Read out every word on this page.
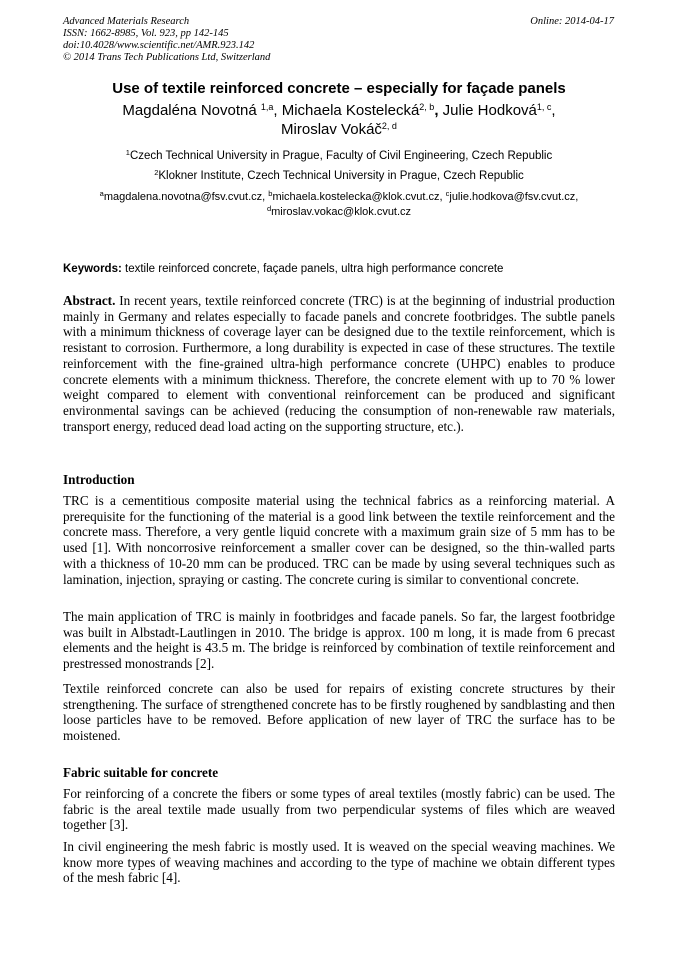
Advanced Materials Research
ISSN: 1662-8985, Vol. 923, pp 142-145
doi:10.4028/www.scientific.net/AMR.923.142
© 2014 Trans Tech Publications Ltd, Switzerland
Online: 2014-04-17
Use of textile reinforced concrete – especially for façade panels
Magdaléna Novotná $^{1,a}$, Michaela Kostelecká$^{2, b}$, Julie Hodková$^{1, c}$,
Miroslav Vokáč$^{2, d}$
$^1$Czech Technical University in Prague, Faculty of Civil Engineering, Czech Republic
$^2$Klokner Institute, Czech Technical University in Prague, Czech Republic
$^a$magdalena.novotna@fsv.cvut.cz, $^b$michaela.kostelecka@klok.cvut.cz, $^c$julie.hodkova@fsv.cvut.cz,
$^d$miroslav.vokac@klok.cvut.cz
Keywords: textile reinforced concrete, façade panels, ultra high performance concrete
Abstract. In recent years, textile reinforced concrete (TRC) is at the beginning of industrial production mainly in Germany and relates especially to facade panels and concrete footbridges. The subtle panels with a minimum thickness of coverage layer can be designed due to the textile reinforcement, which is resistant to corrosion. Furthermore, a long durability is expected in case of these structures. The textile reinforcement with the fine-grained ultra-high performance concrete (UHPC) enables to produce concrete elements with a minimum thickness. Therefore, the concrete element with up to 70 % lower weight compared to element with conventional reinforcement can be produced and significant environmental savings can be achieved (reducing the consumption of non-renewable raw materials, transport energy, reduced dead load acting on the supporting structure, etc.).
Introduction
TRC is a cementitious composite material using the technical fabrics as a reinforcing material. A prerequisite for the functioning of the material is a good link between the textile reinforcement and the concrete mass. Therefore, a very gentle liquid concrete with a maximum grain size of 5 mm has to be used [1]. With noncorrosive reinforcement a smaller cover can be designed, so the thin-walled parts with a thickness of 10-20 mm can be produced. TRC can be made by using several techniques such as lamination, injection, spraying or casting. The concrete curing is similar to conventional concrete.
The main application of TRC is mainly in footbridges and facade panels. So far, the largest footbridge was built in Albstadt-Lautlingen in 2010. The bridge is approx. 100 m long, it is made from 6 precast elements and the height is 43.5 m. The bridge is reinforced by combination of textile reinforcement and prestressed monostrands [2].
Textile reinforced concrete can also be used for repairs of existing concrete structures by their strengthening. The surface of strengthened concrete has to be firstly roughened by sandblasting and then loose particles have to be removed. Before application of new layer of TRC the surface has to be moistened.
Fabric suitable for concrete
For reinforcing of a concrete the fibers or some types of areal textiles (mostly fabric) can be used. The fabric is the areal textile made usually from two perpendicular systems of files which are weaved together [3].
In civil engineering the mesh fabric is mostly used. It is weaved on the special weaving machines. We know more types of weaving machines and according to the type of machine we obtain different types of the mesh fabric [4].
